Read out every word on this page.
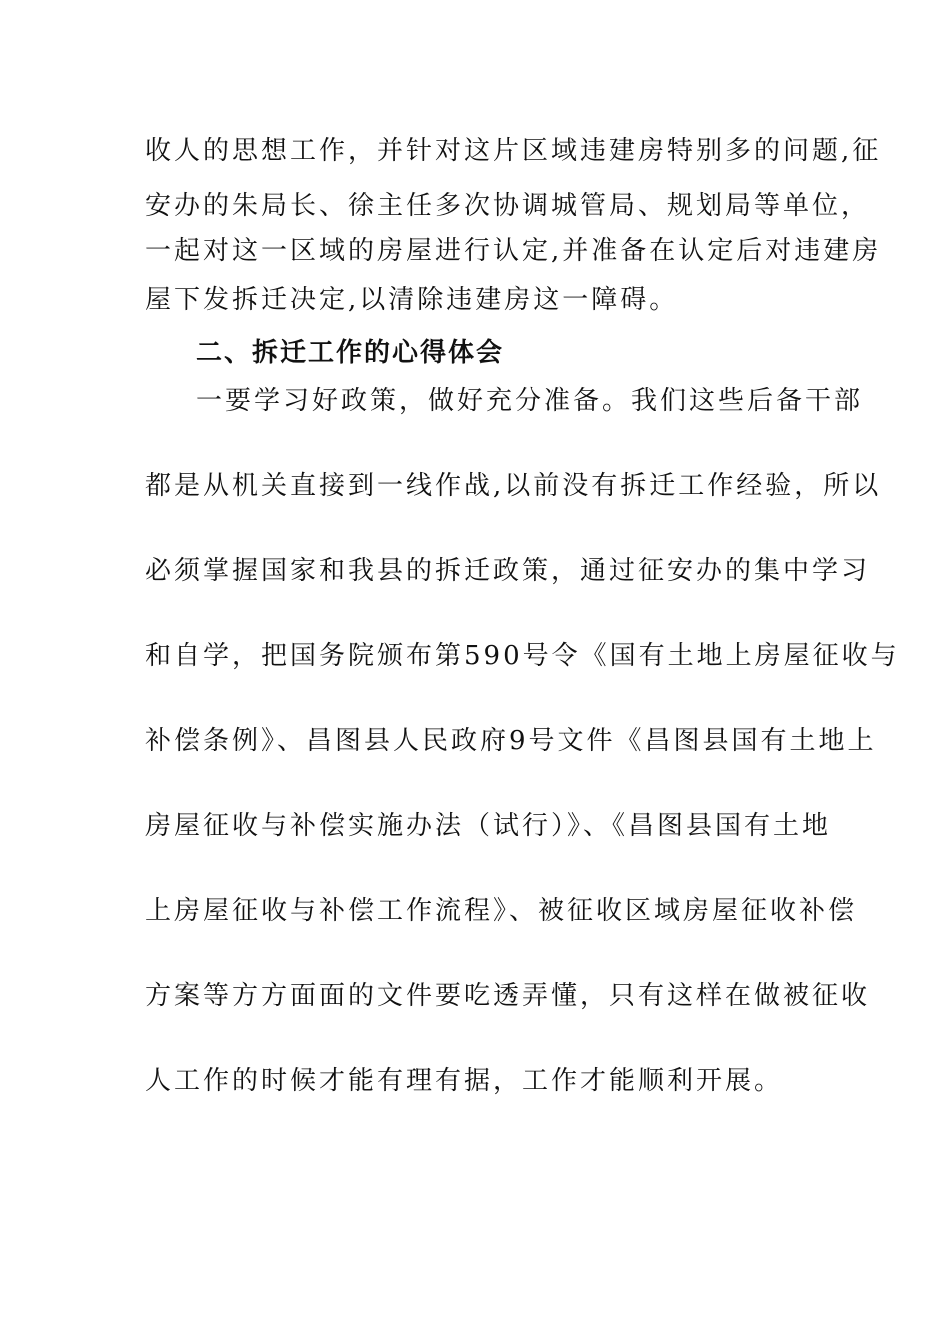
收人的思想工作，并针对这片区域违建房特别多的问题,征
安办的朱局长、徐主任多次协调城管局、规划局等单位，
一起对这一区域的房屋进行认定,并准备在认定后对违建房
屋下发拆迁决定,以清除违建房这一障碍。
二、拆迁工作的心得体会
一要学习好政策，做好充分准备。我们这些后备干部
都是从机关直接到一线作战,以前没有拆迁工作经验，所以
必须掌握国家和我县的拆迁政策，通过征安办的集中学习
和自学，把国务院颁布第590号令《国有土地上房屋征收与
补偿条例》、昌图县人民政府9号文件《昌图县国有土地上
房屋征收与补偿实施办法（试行）》、《昌图县国有土地
上房屋征收与补偿工作流程》、被征收区域房屋征收补偿
方案等方方面面的文件要吃透弄懂，只有这样在做被征收
人工作的时候才能有理有据，工作才能顺利开展。
